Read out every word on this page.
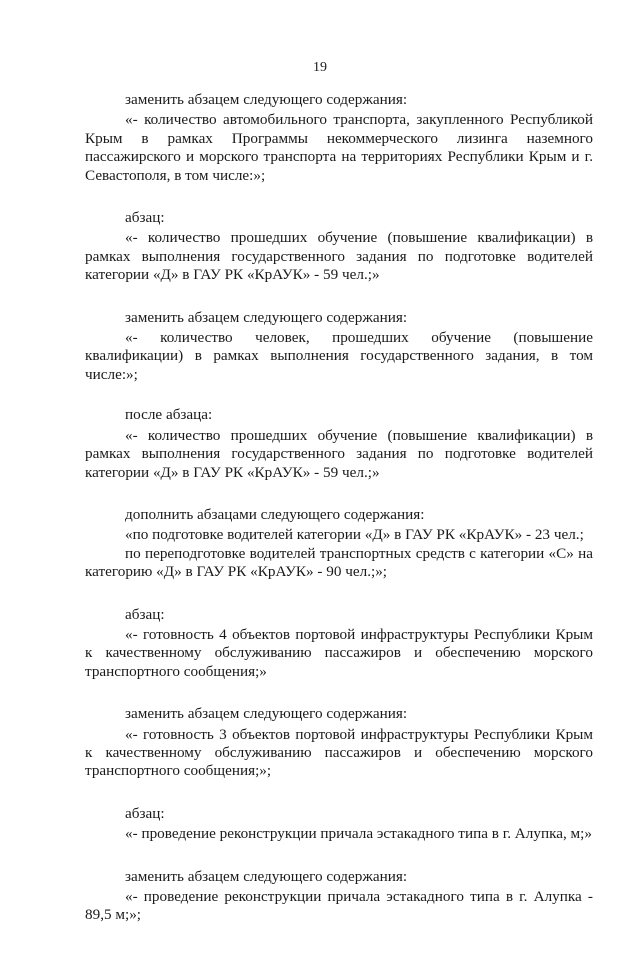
19

заменить абзацем следующего содержания:

«- количество автомобильного транспорта, закупленного Республикой Крым в рамках Программы некоммерческого лизинга наземного пассажирского и морского транспорта на территориях Республики Крым и г. Севастополя, в том числе:»;

абзац:

«- количество прошедших обучение (повышение квалификации) в рамках выполнения государственного задания по подготовке водителей категории «Д» в ГАУ РК «КрАУК» - 59 чел.;»

заменить абзацем следующего содержания:

«- количество человек, прошедших обучение (повышение квалификации) в рамках выполнения государственного задания, в том числе:»;

после абзаца:

«- количество прошедших обучение (повышение квалификации) в рамках выполнения государственного задания по подготовке водителей категории «Д» в ГАУ РК «КрАУК» - 59 чел.;»

дополнить абзацами следующего содержания:

«по подготовке водителей категории «Д» в ГАУ РК «КрАУК» - 23 чел.;

по переподготовке водителей транспортных средств с категории «С» на категорию «Д» в ГАУ РК «КрАУК» - 90 чел.;»;

абзац:

«- готовность 4 объектов портовой инфраструктуры Республики Крым к качественному обслуживанию пассажиров и обеспечению морского транспортного сообщения;»

заменить абзацем следующего содержания:

«- готовность 3 объектов портовой инфраструктуры Республики Крым к качественному обслуживанию пассажиров и обеспечению морского транспортного сообщения;»;

абзац:

«- проведение реконструкции причала эстакадного типа в г. Алупка, м;»

заменить абзацем следующего содержания:

«- проведение реконструкции причала эстакадного типа в г. Алупка - 89,5 м;»;
